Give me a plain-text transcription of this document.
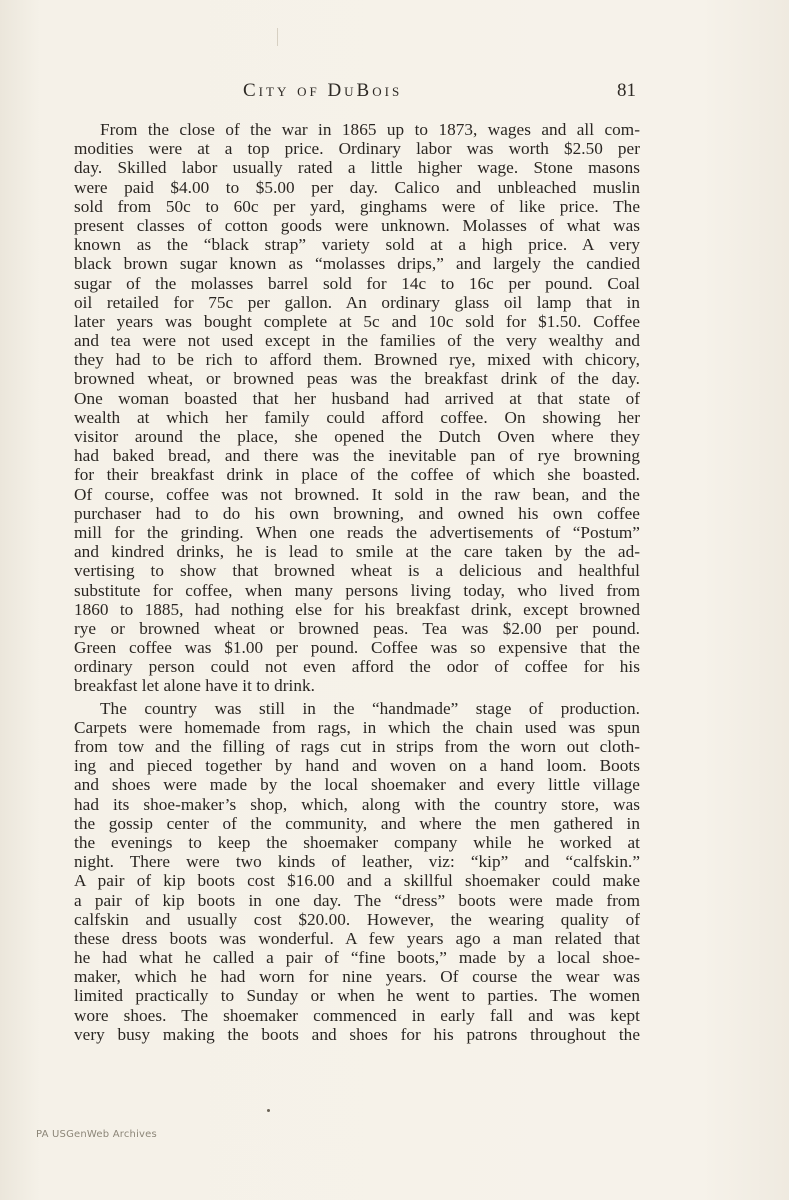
City of DuBois	81
From the close of the war in 1865 up to 1873, wages and all com-
modities were at a top price. Ordinary labor was worth $2.50 per
day. Skilled labor usually rated a little higher wage. Stone masons
were paid $4.00 to $5.00 per day. Calico and unbleached muslin
sold from 50c to 60c per yard, ginghams were of like price. The
present classes of cotton goods were unknown. Molasses of what was
known as the “black strap” variety sold at a high price. A very
black brown sugar known as “molasses drips,” and largely the candied
sugar of the molasses barrel sold for 14c to 16c per pound. Coal
oil retailed for 75c per gallon. An ordinary glass oil lamp that in
later years was bought complete at 5c and 10c sold for $1.50. Coffee
and tea were not used except in the families of the very wealthy and
they had to be rich to afford them. Browned rye, mixed with chicory,
browned wheat, or browned peas was the breakfast drink of the day.
One woman boasted that her husband had arrived at that state of
wealth at which her family could afford coffee. On showing her
visitor around the place, she opened the Dutch Oven where they
had baked bread, and there was the inevitable pan of rye browning
for their breakfast drink in place of the coffee of which she boasted.
Of course, coffee was not browned. It sold in the raw bean, and the
purchaser had to do his own browning, and owned his own coffee
mill for the grinding. When one reads the advertisements of “Postum”
and kindred drinks, he is lead to smile at the care taken by the ad-
vertising to show that browned wheat is a delicious and healthful
substitute for coffee, when many persons living today, who lived from
1860 to 1885, had nothing else for his breakfast drink, except browned
rye or browned wheat or browned peas. Tea was $2.00 per pound.
Green coffee was $1.00 per pound. Coffee was so expensive that the
ordinary person could not even afford the odor of coffee for his
breakfast let alone have it to drink.
The country was still in the “handmade” stage of production.
Carpets were homemade from rags, in which the chain used was spun
from tow and the filling of rags cut in strips from the worn out cloth-
ing and pieced together by hand and woven on a hand loom. Boots
and shoes were made by the local shoemaker and every little village
had its shoe-maker’s shop, which, along with the country store, was
the gossip center of the community, and where the men gathered in
the evenings to keep the shoemaker company while he worked at
night. There were two kinds of leather, viz: “kip” and “calfskin.”
A pair of kip boots cost $16.00 and a skillful shoemaker could make
a pair of kip boots in one day. The “dress” boots were made from
calfskin and usually cost $20.00. However, the wearing quality of
these dress boots was wonderful. A few years ago a man related that
he had what he called a pair of “fine boots,” made by a local shoe-
maker, which he had worn for nine years. Of course the wear was
limited practically to Sunday or when he went to parties. The women
wore shoes. The shoemaker commenced in early fall and was kept
very busy making the boots and shoes for his patrons throughout the
PA USGenWeb Archives
